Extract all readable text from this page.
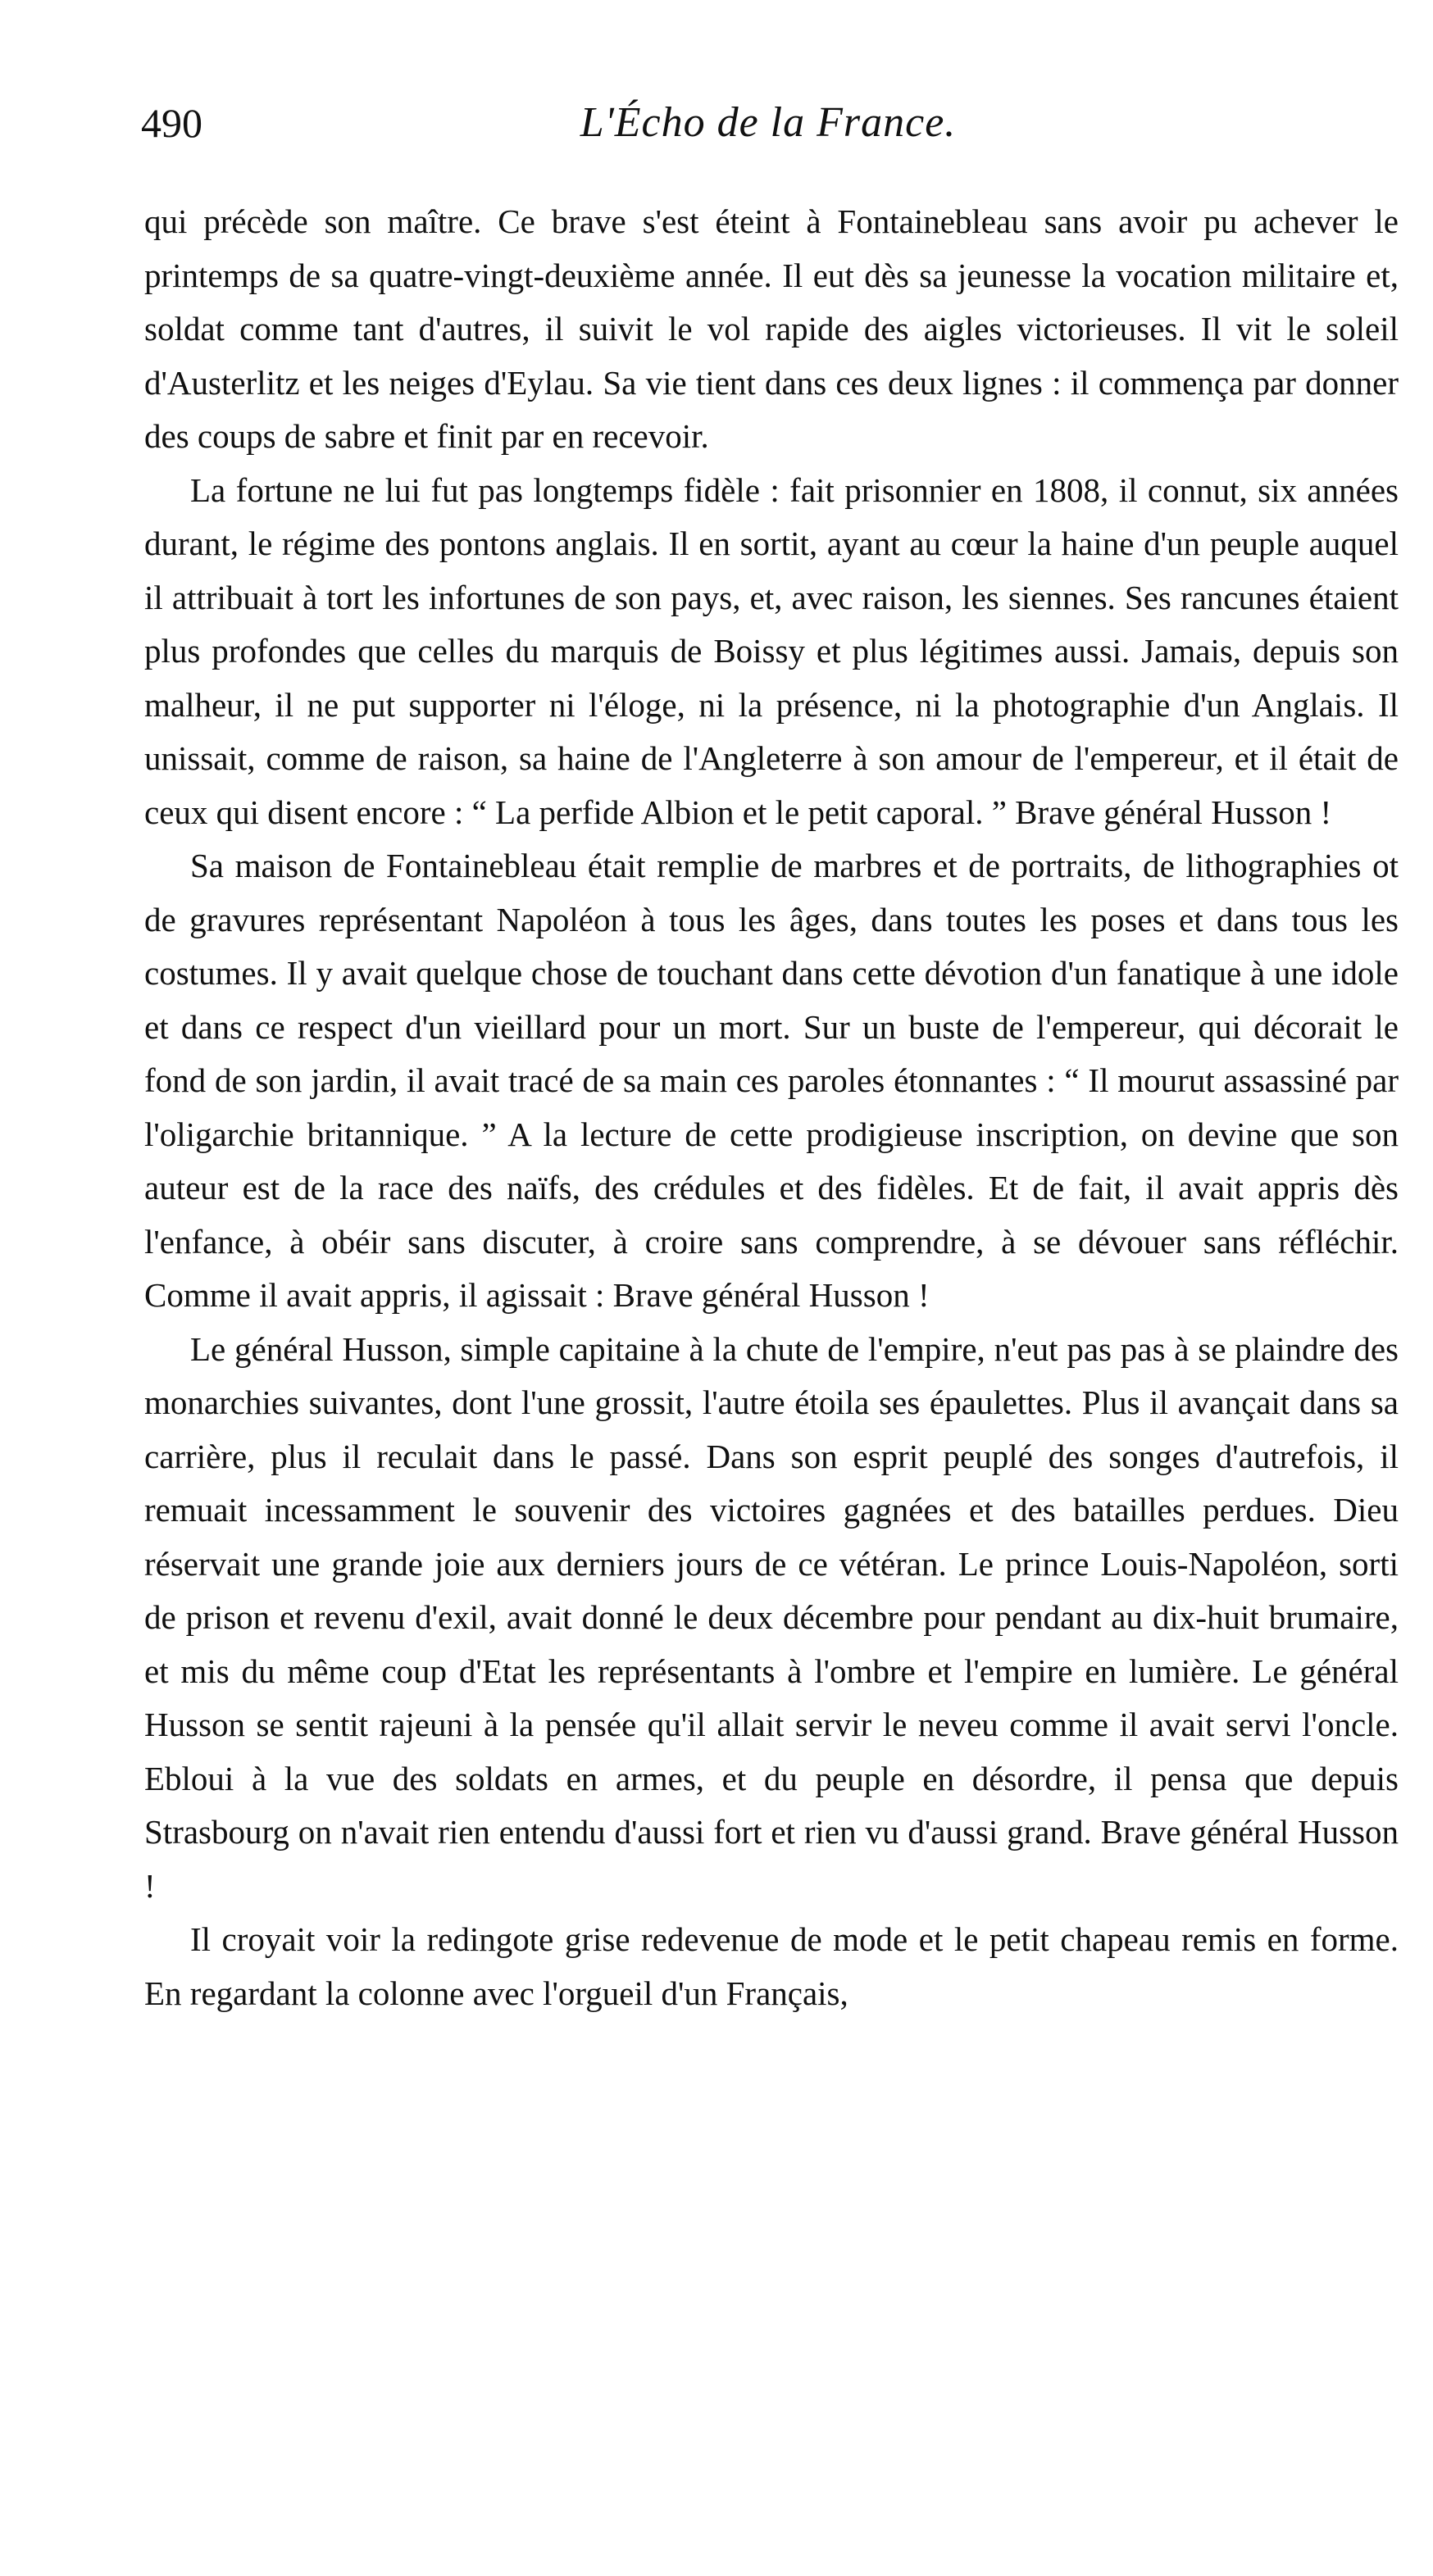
490	L'Écho de la France.

qui précède son maître. Ce brave s'est éteint à Fontainebleau sans avoir pu achever le printemps de sa quatre-vingt-deuxième année. Il eut dès sa jeunesse la vocation militaire et, soldat comme tant d'autres, il suivit le vol rapide des aigles victorieuses. Il vit le soleil d'Austerlitz et les neiges d'Eylau. Sa vie tient dans ces deux lignes : il commença par donner des coups de sabre et finit par en recevoir.

La fortune ne lui fut pas longtemps fidèle : fait prisonnier en 1808, il connut, six années durant, le régime des pontons anglais. Il en sortit, ayant au cœur la haine d'un peuple auquel il attribuait à tort les infortunes de son pays, et, avec raison, les siennes. Ses rancunes étaient plus profondes que celles du marquis de Boissy et plus légitimes aussi. Jamais, depuis son malheur, il ne put supporter ni l'éloge, ni la présence, ni la photographie d'un Anglais. Il unissait, comme de raison, sa haine de l'Angleterre à son amour de l'empereur, et il était de ceux qui disent encore : “ La perfide Albion et le petit caporal. ” Brave général Husson !

Sa maison de Fontainebleau était remplie de marbres et de portraits, de lithographies ot de gravures représentant Napoléon à tous les âges, dans toutes les poses et dans tous les costumes. Il y avait quelque chose de touchant dans cette dévotion d'un fanatique à une idole et dans ce respect d'un vieillard pour un mort. Sur un buste de l'empereur, qui décorait le fond de son jardin, il avait tracé de sa main ces paroles étonnantes : “ Il mourut assassiné par l'oligarchie britannique. ” A la lecture de cette prodigieuse inscription, on devine que son auteur est de la race des naïfs, des crédules et des fidèles. Et de fait, il avait appris dès l'enfance, à obéir sans discuter, à croire sans comprendre, à se dévouer sans réfléchir. Comme il avait appris, il agissait : Brave général Husson !

Le général Husson, simple capitaine à la chute de l'empire, n'eut pas pas à se plaindre des monarchies suivantes, dont l'une grossit, l'autre étoila ses épaulettes. Plus il avançait dans sa carrière, plus il reculait dans le passé. Dans son esprit peuplé des songes d'autrefois, il remuait incessamment le souvenir des victoires gagnées et des batailles perdues. Dieu réservait une grande joie aux derniers jours de ce vétéran. Le prince Louis-Napoléon, sorti de prison et revenu d'exil, avait donné le deux décembre pour pendant au dix-huit brumaire, et mis du même coup d'Etat les représentants à l'ombre et l'empire en lumière. Le général Husson se sentit rajeuni à la pensée qu'il allait servir le neveu comme il avait servi l'oncle. Ebloui à la vue des soldats en armes, et du peuple en désordre, il pensa que depuis Strasbourg on n'avait rien entendu d'aussi fort et rien vu d'aussi grand. Brave général Husson !

Il croyait voir la redingote grise redevenue de mode et le petit chapeau remis en forme. En regardant la colonne avec l'orgueil d'un Français,
